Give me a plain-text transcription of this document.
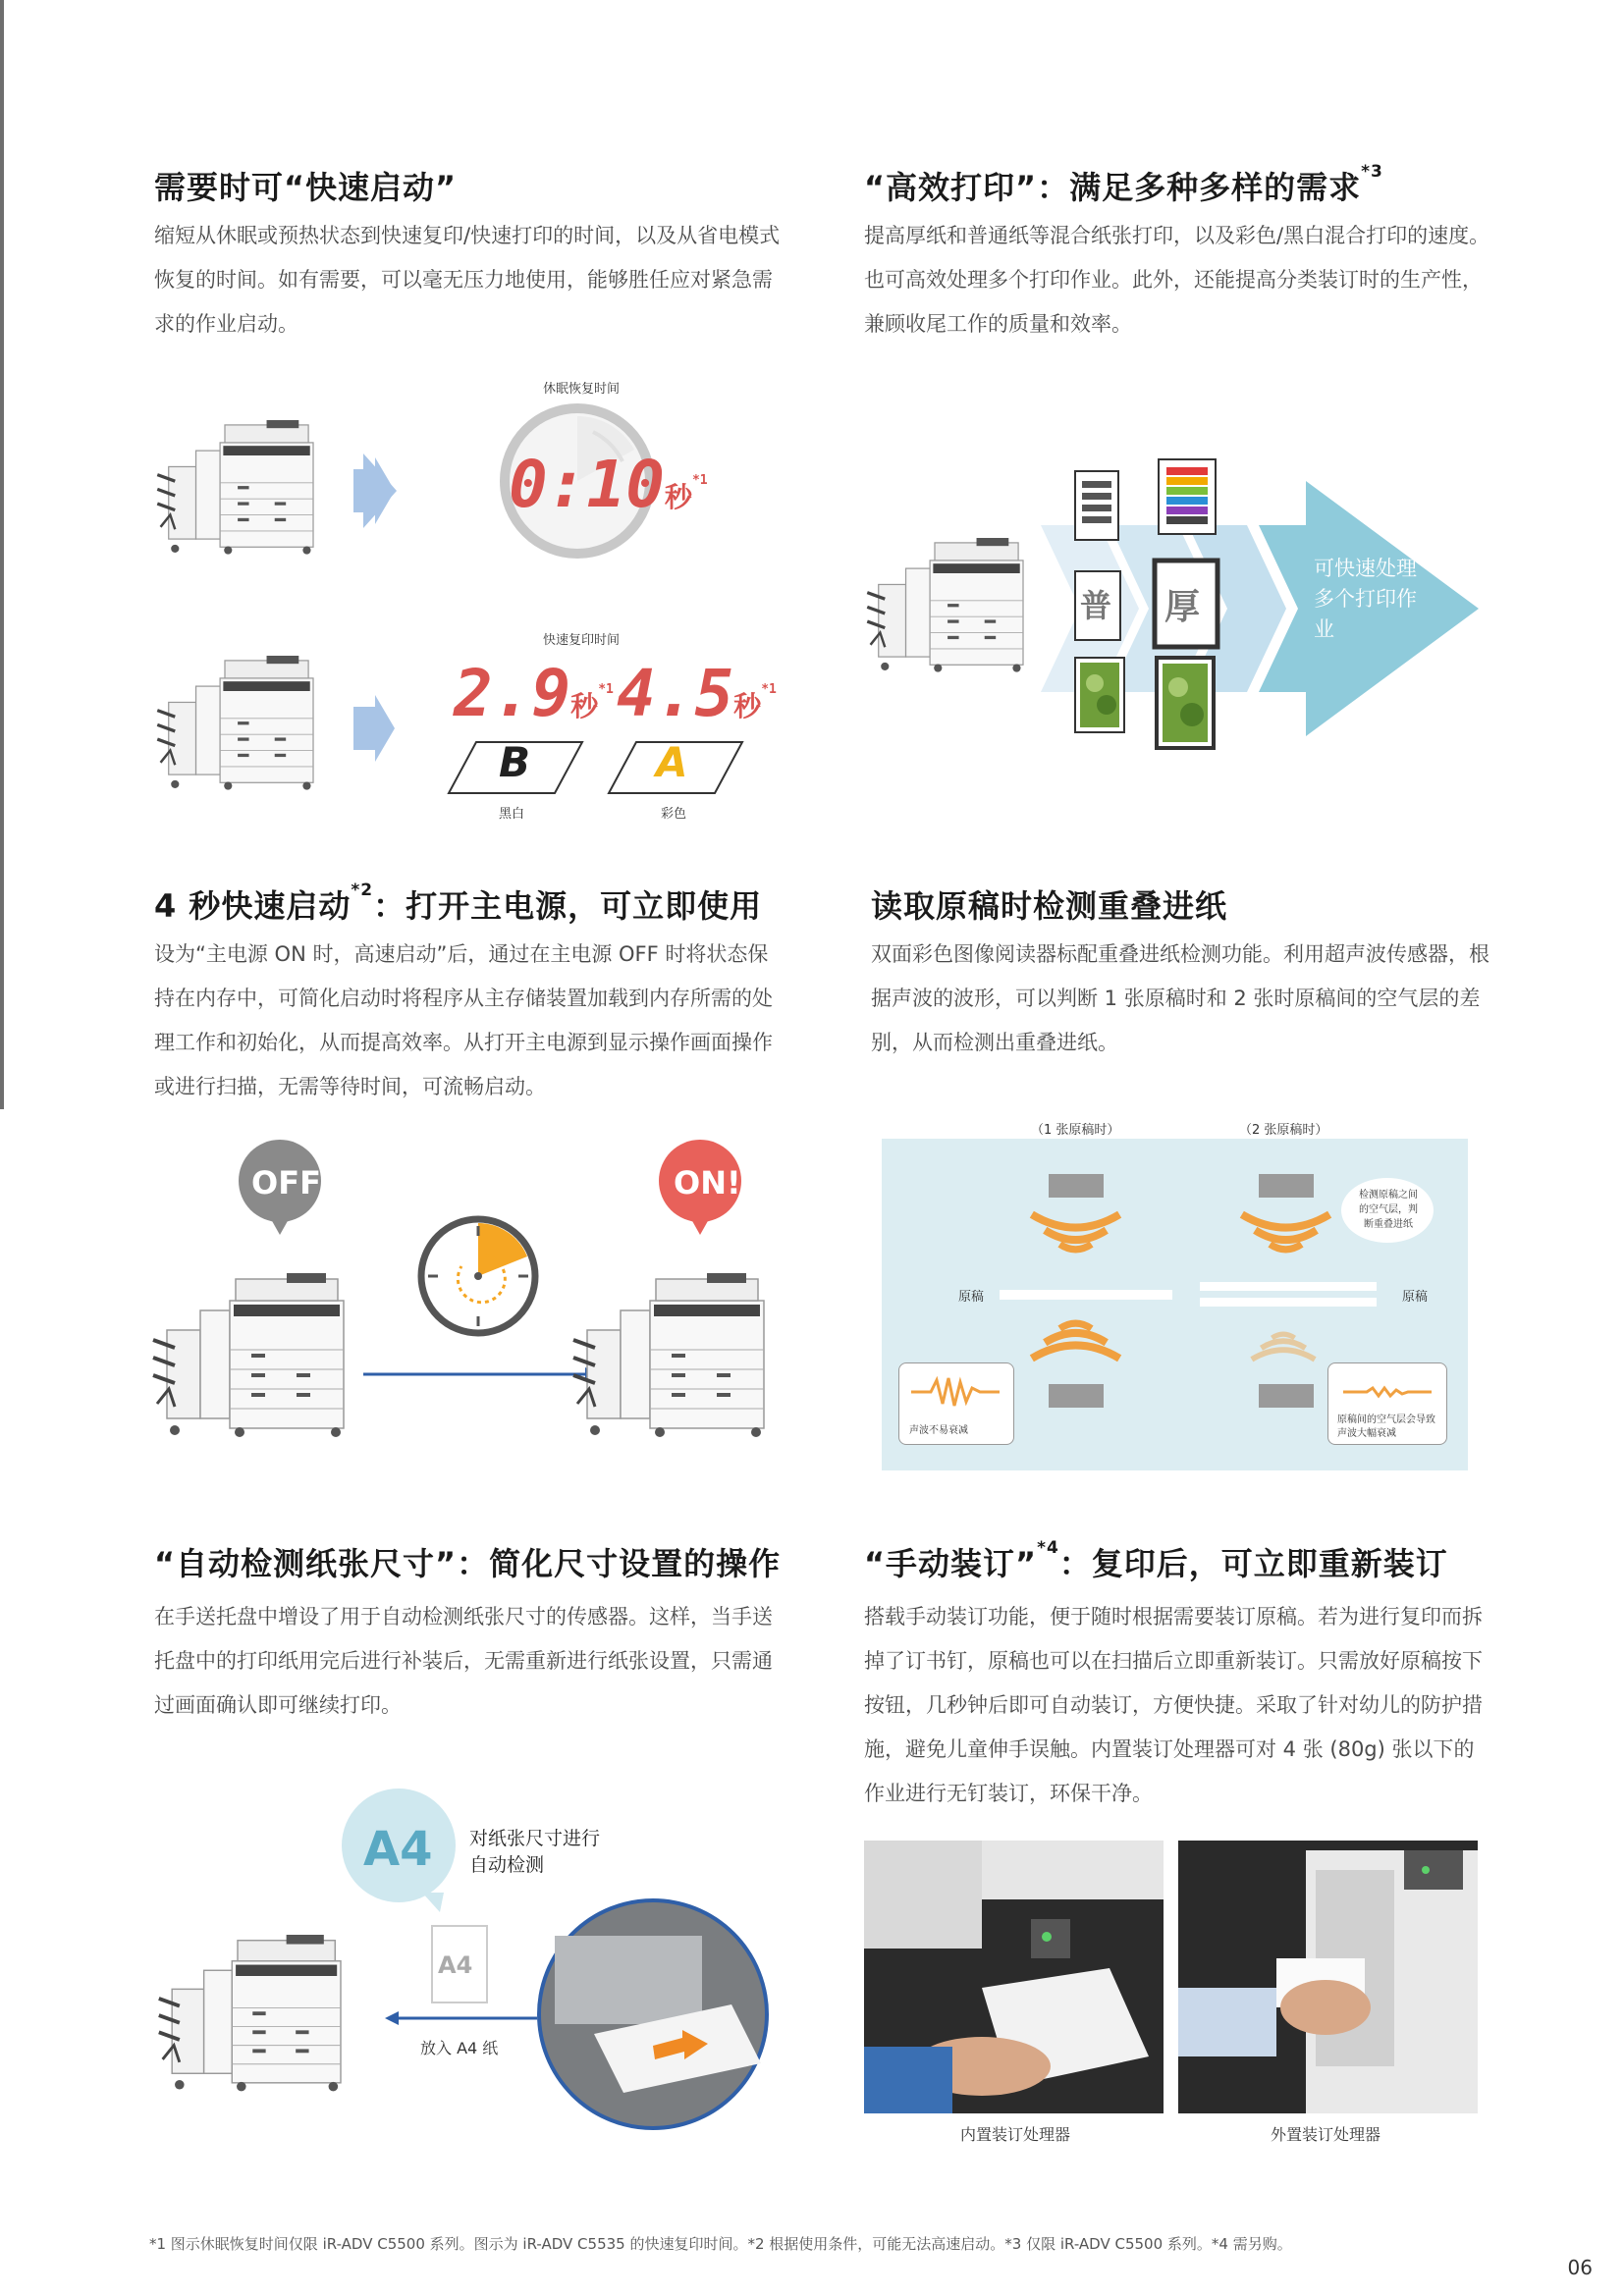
需要时可“快速启动”

缩短从休眠或预热状态到快速复印/快速打印的时间，以及从省电模式恢复的时间。如有需要，可以毫无压力地使用，能够胜任应对紧急需求的作业启动。

休眠恢复时间
0:10秒$^{*1}$
快速复印时间
2.9秒$^{*1}$ 4.5秒$^{*1}$
B	A
黑白	彩色
“高效打印”：满足多种多样的需求$^{*3}$

提高厚纸和普通纸等混合纸张打印，以及彩色/黑白混合打印的速度。也可高效处理多个打印作业。此外，还能提高分类装订时的生产性，兼顾收尾工作的质量和效率。

普 厚
可快速处理多个打印作业
4 秒快速启动$^{*2}$：打开主电源，可立即使用

设为“主电源 ON 时，高速启动”后，通过在主电源 OFF 时将状态保持在内存中，可简化启动时将程序从主存储装置加载到内存所需的处理工作和初始化，从而提高效率。从打开主电源到显示操作画面操作或进行扫描，无需等待时间，可流畅启动。

OFF	ON!
读取原稿时检测重叠进纸

双面彩色图像阅读器标配重叠进纸检测功能。利用超声波传感器，根据声波的波形，可以判断 1 张原稿时和 2 张时原稿间的空气层的差别，从而检测出重叠进纸。

（1 张原稿时）	（2 张原稿时）
检测原稿之间的空气层，判断重叠进纸
原稿	原稿
声波不易衰减
原稿间的空气层会导致声波大幅衰减
“自动检测纸张尺寸”：简化尺寸设置的操作

在手送托盘中增设了用于自动检测纸张尺寸的传感器。这样，当手送托盘中的打印纸用完后进行补装后，无需重新进行纸张设置，只需通过画面确认即可继续打印。

A4 对纸张尺寸进行自动检测
A4
放入 A4 纸
“手动装订”$^{*4}$：复印后，可立即重新装订

搭载手动装订功能，便于随时根据需要装订原稿。若为进行复印而拆掉了订书钉，原稿也可以在扫描后立即重新装订。只需放好原稿按下按钮，几秒钟后即可自动装订，方便快捷。采取了针对幼儿的防护措施，避免儿童伸手误触。内置装订处理器可对 4 张 (80g) 张以下的作业进行无钉装订，环保干净。

内置装订处理器	外置装订处理器
*1 图示休眠恢复时间仅限 iR-ADV C5500 系列。图示为 iR-ADV C5535 的快速复印时间。*2 根据使用条件，可能无法高速启动。*3 仅限 iR-ADV C5500 系列。*4 需另购。
06
